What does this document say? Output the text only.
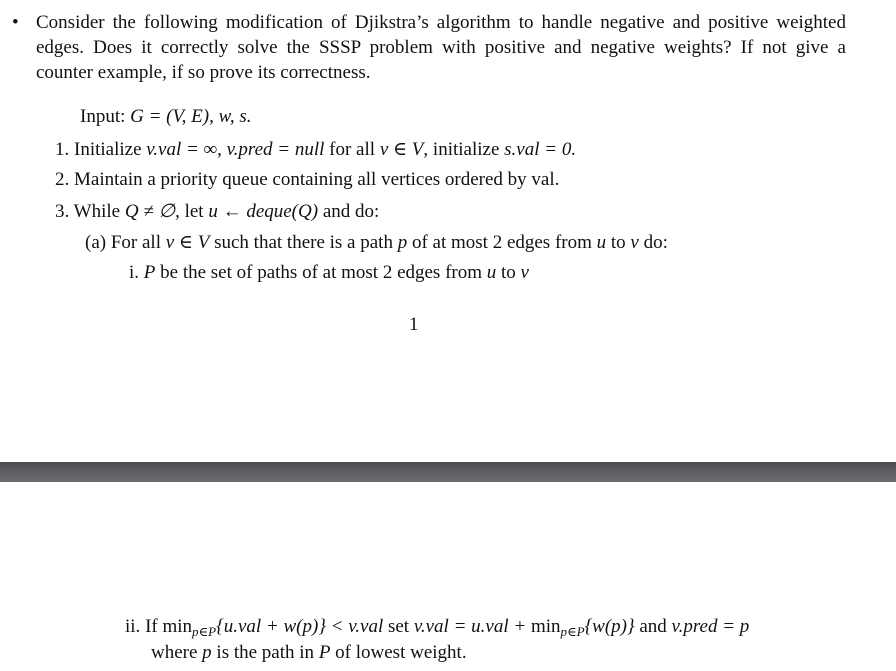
• Consider the following modification of Djikstra’s algorithm to handle negative and positive weighted
edges. Does it correctly solve the SSSP problem with positive and negative weights? If not give a
counter example, if so prove its correctness.
Input: G = (V, E), w, s.
1. Initialize v.val = ∞, v.pred = null for all v ∈ V, initialize s.val = 0.
2. Maintain a priority queue containing all vertices ordered by val.
3. While Q ≠ ∅, let u ← deque(Q) and do:
(a) For all v ∈ V such that there is a path p of at most 2 edges from u to v do:
i. P be the set of paths of at most 2 edges from u to v
1
ii. If $\min_{p\in P}\{u.val + w(p)\} < v.val$ set $v.val = u.val + \min_{p\in P}\{w(p)\}$ and v.pred = p
where p is the path in P of lowest weight.
